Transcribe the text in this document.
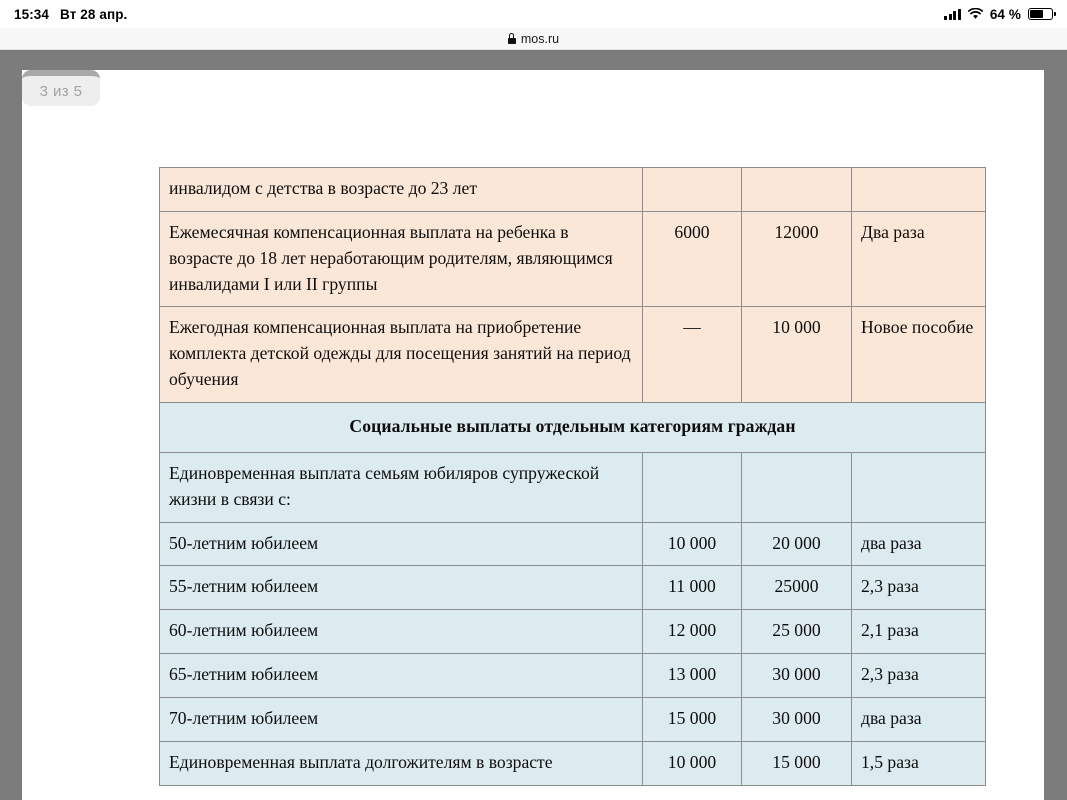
15:34 Вт 28 апр.	64 %
mos.ru
3 из 5
инвалидом с детства в возрасте до 23 лет			
Ежемесячная компенсационная выплата на ребенка в возрасте до 18 лет неработающим родителям, являющимся инвалидами I или II группы	6000	12000	Два раза
Ежегодная компенсационная выплата на приобретение комплекта детской одежды для посещения занятий на период обучения	—	10 000	Новое пособие
Социальные выплаты отдельным категориям граждан			
Единовременная выплата семьям юбиляров супружеской жизни в связи с:			
50-летним юбилеем	10 000	20 000	два раза
55-летним юбилеем	11 000	25000	2,3 раза
60-летним юбилеем	12 000	25 000	2,1 раза
65-летним юбилеем	13 000	30 000	2,3 раза
70-летним юбилеем	15 000	30 000	два раза
Единовременная выплата долгожителям в возрасте	10 000	15 000	1,5 раза
